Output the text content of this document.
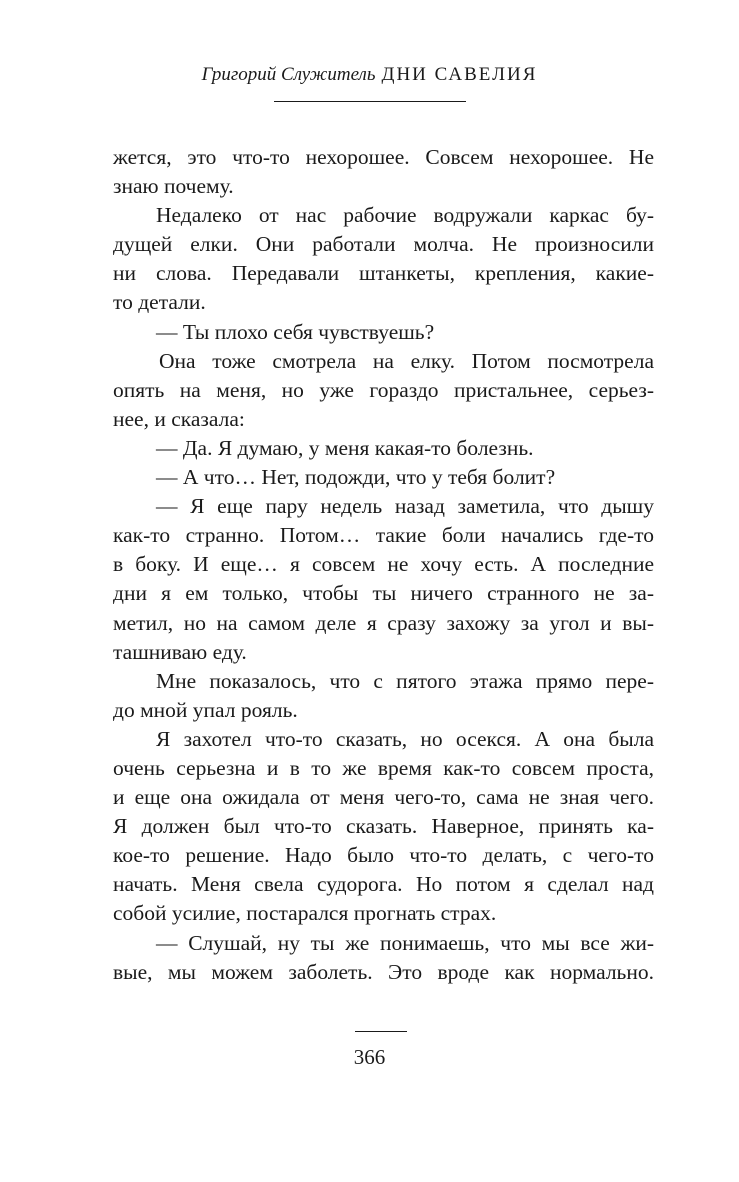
Григорий Служитель ДНИ САВЕЛИЯ
жется, это что-то нехорошее. Совсем нехорошее. Не
знаю почему.
Недалеко от нас рабочие водружали каркас бу-
дущей елки. Они работали молча. Не произносили
ни слова. Передавали штанкеты, крепления, какие-
то детали.
— Ты плохо себя чувствуешь?
Она тоже смотрела на елку. Потом посмотрела
опять на меня, но уже гораздо пристальнее, серьез-
нее, и сказала:
— Да. Я думаю, у меня какая-то болезнь.
— А что… Нет, подожди, что у тебя болит?
— Я еще пару недель назад заметила, что дышу
как-то странно. Потом… такие боли начались где-то
в боку. И еще… я совсем не хочу есть. А последние
дни я ем только, чтобы ты ничего странного не за-
метил, но на самом деле я сразу захожу за угол и вы-
ташниваю еду.
Мне показалось, что с пятого этажа прямо пере-
до мной упал рояль.
Я захотел что-то сказать, но осекся. А она была
очень серьезна и в то же время как-то совсем проста,
и еще она ожидала от меня чего-то, сама не зная чего.
Я должен был что-то сказать. Наверное, принять ка-
кое-то решение. Надо было что-то делать, с чего-то
начать. Меня свела судорога. Но потом я сделал над
собой усилие, постарался прогнать страх.
— Слушай, ну ты же понимаешь, что мы все жи-
вые, мы можем заболеть. Это вроде как нормально.
366
